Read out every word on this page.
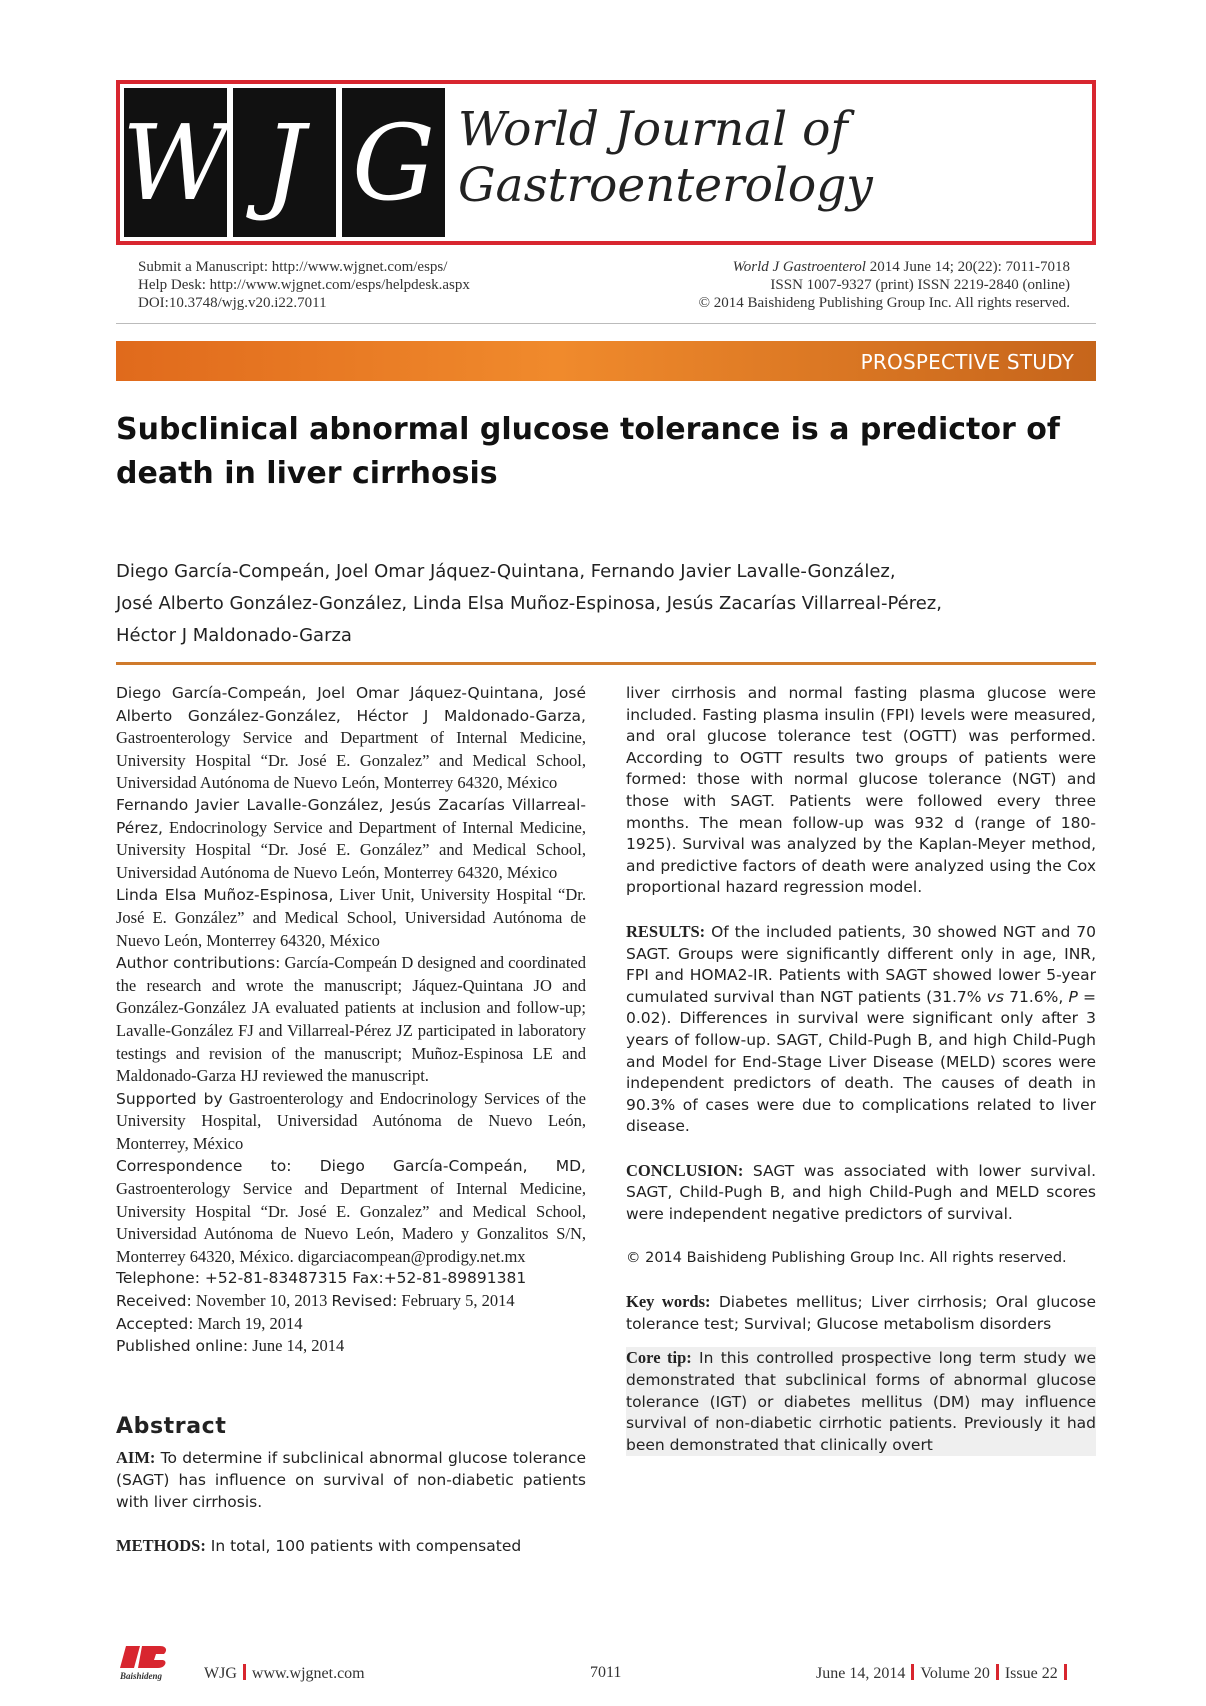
W J G World Journal of
Gastroenterology
Submit a Manuscript: http://www.wjgnet.com/esps/
Help Desk: http://www.wjgnet.com/esps/helpdesk.aspx
DOI:10.3748/wjg.v20.i22.7011
World J Gastroenterol 2014 June 14; 20(22): 7011-7018
ISSN 1007-9327 (print) ISSN 2219-2840 (online)
© 2014 Baishideng Publishing Group Inc. All rights reserved.
PROSPECTIVE STUDY
Subclinical abnormal glucose tolerance is a predictor of
death in liver cirrhosis
Diego García-Compeán, Joel Omar Jáquez-Quintana, Fernando Javier Lavalle-González,
José Alberto González-González, Linda Elsa Muñoz-Espinosa, Jesús Zacarías Villarreal-Pérez,
Héctor J Maldonado-Garza

Diego García-Compeán, Joel Omar Jáquez-Quintana, José Alberto González-González, Héctor J Maldonado-Garza, Gastroenterology Service and Department of Internal Medicine, University Hospital “Dr. José E. Gonzalez” and Medical School, Universidad Autónoma de Nuevo León, Monterrey 64320, México

Fernando Javier Lavalle-González, Jesús Zacarías Villarreal-Pérez, Endocrinology Service and Department of Internal Medicine, University Hospital “Dr. José E. González” and Medical School, Universidad Autónoma de Nuevo León, Monterrey 64320, México

Linda Elsa Muñoz-Espinosa, Liver Unit, University Hospital “Dr. José E. González” and Medical School, Universidad Autónoma de Nuevo León, Monterrey 64320, México

Author contributions: García-Compeán D designed and coordinated the research and wrote the manuscript; Jáquez-Quintana JO and González-González JA evaluated patients at inclusion and follow-up; Lavalle-González FJ and Villarreal-Pérez JZ participated in laboratory testings and revision of the manuscript; Muñoz-Espinosa LE and Maldonado-Garza HJ reviewed the manuscript.

Supported by Gastroenterology and Endocrinology Services of the University Hospital, Universidad Autónoma de Nuevo León, Monterrey, México

Correspondence to: Diego García-Compeán, MD, Gastroenterology Service and Department of Internal Medicine, University Hospital “Dr. José E. Gonzalez” and Medical School, Universidad Autónoma de Nuevo León, Madero y Gonzalitos S/N, Monterrey 64320, México. digarciacompean@prodigy.net.mx

Telephone: +52-81-83487315 Fax:+52-81-89891381

Received: November 10, 2013 Revised: February 5, 2014

Accepted: March 19, 2014

Published online: June 14, 2014

Abstract

AIM: To determine if subclinical abnormal glucose tolerance (SAGT) has influence on survival of non-diabetic patients with liver cirrhosis.

METHODS: In total, 100 patients with compensated

liver cirrhosis and normal fasting plasma glucose were included. Fasting plasma insulin (FPI) levels were measured, and oral glucose tolerance test (OGTT) was performed. According to OGTT results two groups of patients were formed: those with normal glucose tolerance (NGT) and those with SAGT. Patients were followed every three months. The mean follow-up was 932 d (range of 180-1925). Survival was analyzed by the Kaplan-Meyer method, and predictive factors of death were analyzed using the Cox proportional hazard regression model.

RESULTS: Of the included patients, 30 showed NGT and 70 SAGT. Groups were significantly different only in age, INR, FPI and HOMA2-IR. Patients with SAGT showed lower 5-year cumulated survival than NGT patients (31.7% vs 71.6%, P = 0.02). Differences in survival were significant only after 3 years of follow-up. SAGT, Child-Pugh B, and high Child-Pugh and Model for End-Stage Liver Disease (MELD) scores were independent predictors of death. The causes of death in 90.3% of cases were due to complications related to liver disease.

CONCLUSION: SAGT was associated with lower survival. SAGT, Child-Pugh B, and high Child-Pugh and MELD scores were independent negative predictors of survival.

© 2014 Baishideng Publishing Group Inc. All rights reserved.

Key words: Diabetes mellitus; Liver cirrhosis; Oral glucose tolerance test; Survival; Glucose metabolism disorders

Core tip: In this controlled prospective long term study we demonstrated that subclinical forms of abnormal glucose tolerance (IGT) or diabetes mellitus (DM) may influence survival of non-diabetic cirrhotic patients. Previously it had been demonstrated that clinically overt

Baishideng	WJG www.wjgnet.com	7011	June 14, 2014 Volume 20 Issue 22
